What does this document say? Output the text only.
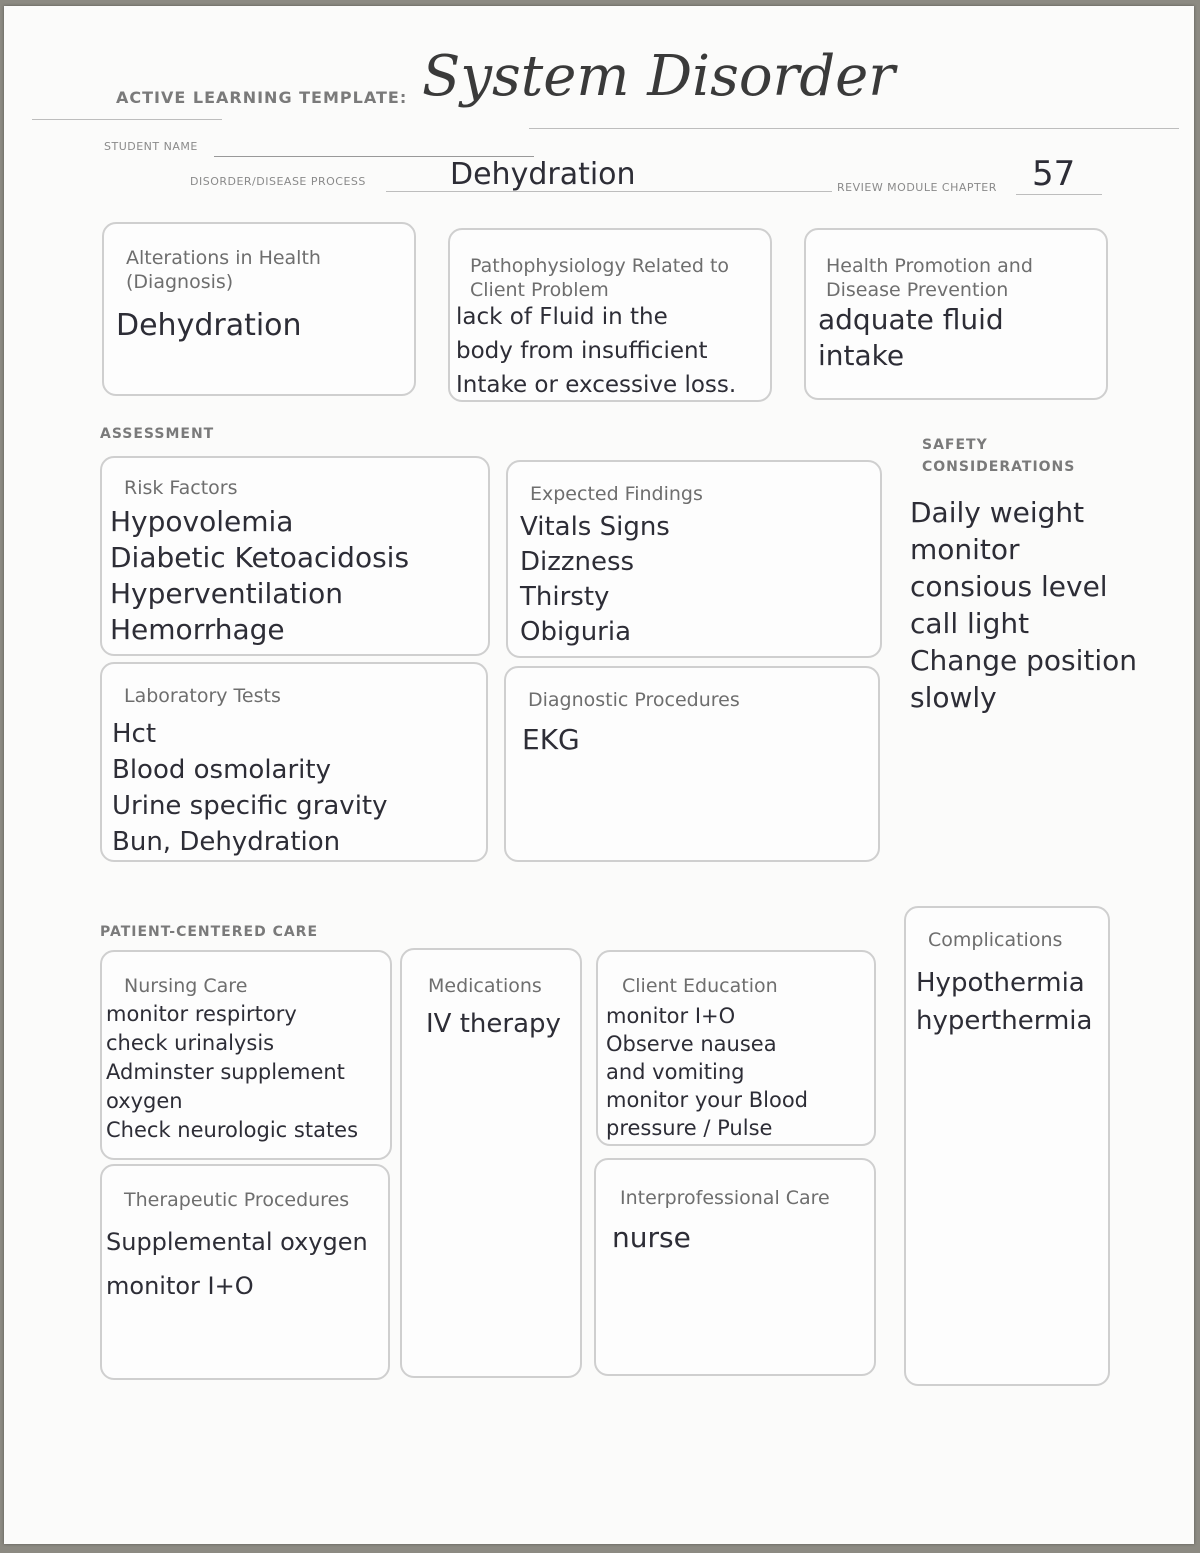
ACTIVE LEARNING TEMPLATE: System Disorder
STUDENT NAME
DISORDER/DISEASE PROCESS	Dehydration	REVIEW MODULE CHAPTER 57
Alterations in Health (Diagnosis)
Dehydration
Pathophysiology Related to Client Problem
lack of Fluid in the
body from insufficient
Intake or excessive loss.
Health Promotion and Disease Prevention
adquate fluid
intake
ASSESSMENT
Risk Factors
Hypovolemia
Diabetic Ketoacidosis
Hyperventilation
Hemorrhage
Expected Findings
Vitals Signs
Dizzness
Thirsty
Obiguria
Laboratory Tests
Hct
Blood osmolarity
Urine specific gravity
Bun, Dehydration
Diagnostic Procedures
EKG
SAFETY
CONSIDERATIONS
Daily weight
monitor
consious level
call light
Change position
slowly
PATIENT-CENTERED CARE
Nursing Care
monitor respirtory
check urinalysis
Adminster supplement
oxygen
Check neurologic states
Medications
IV therapy
Client Education
monitor I+O
Observe nausea
and vomiting
monitor your Blood
pressure / Pulse
Therapeutic Procedures
Supplemental oxygen
monitor I+O
Interprofessional Care
nurse
Complications
Hypothermia
hyperthermia
